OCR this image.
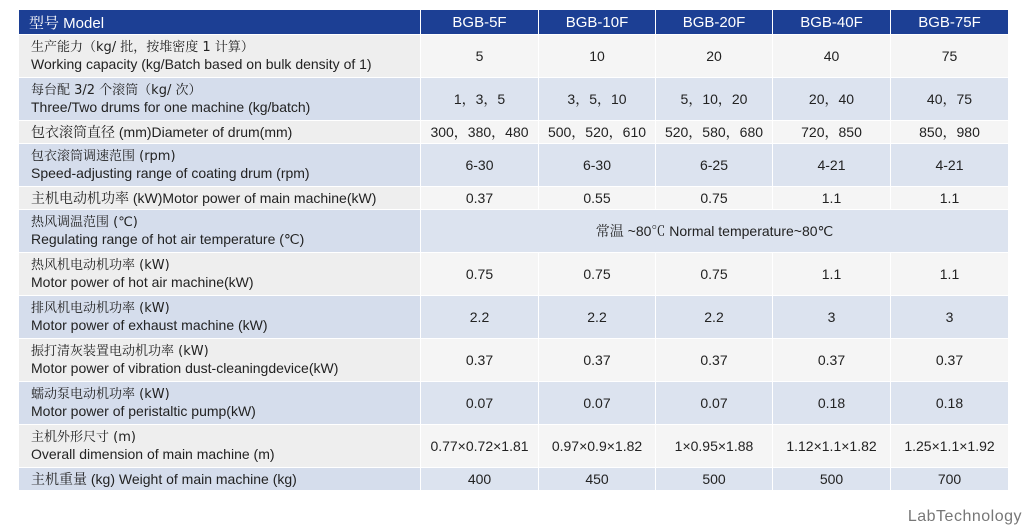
型号 Model	BGB-5F	BGB-10F	BGB-20F	BGB-40F	BGB-75F

生产能力（kg/ 批，按堆密度 1 计算）
Working capacity (kg/Batch based on bulk density of 1)	5	10	20	40	75

每台配 3/2 个滚筒（kg/ 次）
Three/Two drums for one machine (kg/batch)	1，3，5	3，5，10	5，10，20	20，40	40，75

包衣滚筒直径 (mm)Diameter of drum(mm)	300，380，480	500，520，610	520，580，680	720，850	850，980

包衣滚筒调速范围 (rpm)
Speed-adjusting range of coating drum (rpm)	6-30	6-30	6-25	4-21	4-21

主机电动机功率 (kW)Motor power of main machine(kW)	0.37	0.55	0.75	1.1	1.1

热风调温范围 (℃)
Regulating range of hot air temperature (℃)	常温 ~80℃ Normal temperature~80℃				

热风机电动机功率 (kW)
Motor power of hot air machine(kW)	0.75	0.75	0.75	1.1	1.1

排风机电动机功率 (kW)
Motor power of exhaust machine (kW)	2.2	2.2	2.2	3	3

振打清灰装置电动机功率 (kW)
Motor power of vibration dust-cleaningdevice(kW)	0.37	0.37	0.37	0.37	0.37

蠕动泵电动机功率 (kW)
Motor power of peristaltic pump(kW)	0.07	0.07	0.07	0.18	0.18

主机外形尺寸 (m)
Overall dimension of main machine (m)	0.77×0.72×1.81	0.97×0.9×1.82	1×0.95×1.88	1.12×1.1×1.82	1.25×1.1×1.92

主机重量 (kg) Weight of main machine (kg)	400	450	500	500	700
LabTechnology
